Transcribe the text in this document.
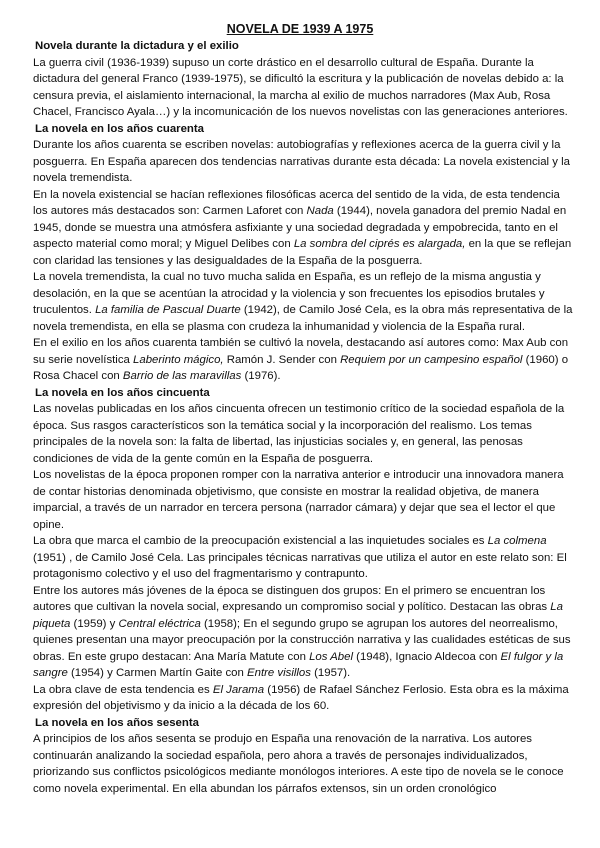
NOVELA DE 1939 A 1975
Novela durante la dictadura y el exilio

La guerra civil (1936-1939) supuso un corte drástico en el desarrollo cultural de España. Durante la dictadura del general Franco (1939-1975), se dificultó la escritura y la publicación de novelas debido a: la censura previa, el aislamiento internacional, la marcha al exilio de muchos narradores (Max Aub, Rosa Chacel, Francisco Ayala…) y la incomunicación de los nuevos novelistas con las generaciones anteriores.

La novela en los años cuarenta

Durante los años cuarenta se escriben novelas: autobiografías y reflexiones acerca de la guerra civil y la posguerra. En España aparecen dos tendencias narrativas durante esta década: La novela existencial y la novela tremendista.

En la novela existencial se hacían reflexiones filosóficas acerca del sentido de la vida, de esta tendencia los autores más destacados son: Carmen Laforet con Nada (1944), novela ganadora del premio Nadal en 1945, donde se muestra una atmósfera asfixiante y una sociedad degradada y empobrecida, tanto en el aspecto material como moral; y Miguel Delibes con La sombra del ciprés es alargada, en la que se reflejan con claridad las tensiones y las desigualdades de la España de la posguerra.

La novela tremendista, la cual no tuvo mucha salida en España, es un reflejo de la misma angustia y desolación, en la que se acentúan la atrocidad y la violencia y son frecuentes los episodios brutales y truculentos. La familia de Pascual Duarte (1942), de Camilo José Cela, es la obra más representativa de la novela tremendista, en ella se plasma con crudeza la inhumanidad y violencia de la España rural.

En el exilio en los años cuarenta también se cultivó la novela, destacando así autores como: Max Aub con su serie novelística Laberinto mágico, Ramón J. Sender con Requiem por un campesino español (1960) o Rosa Chacel con Barrio de las maravillas (1976).

La novela en los años cincuenta

Las novelas publicadas en los años cincuenta ofrecen un testimonio crítico de la sociedad española de la época. Sus rasgos característicos son la temática social y la incorporación del realismo. Los temas principales de la novela son: la falta de libertad, las injusticias sociales y, en general, las penosas condiciones de vida de la gente común en la España de posguerra.

Los novelistas de la época proponen romper con la narrativa anterior e introducir una innovadora manera de contar historias denominada objetivismo, que consiste en mostrar la realidad objetiva, de manera imparcial, a través de un narrador en tercera persona (narrador cámara) y dejar que sea el lector el que opine.

La obra que marca el cambio de la preocupación existencial a las inquietudes sociales es La colmena (1951) , de Camilo José Cela. Las principales técnicas narrativas que utiliza el autor en este relato son: El protagonismo colectivo y el uso del fragmentarismo y contrapunto.

Entre los autores más jóvenes de la época se distinguen dos grupos: En el primero se encuentran los autores que cultivan la novela social, expresando un compromiso social y político. Destacan las obras La piqueta (1959) y Central eléctrica (1958); En el segundo grupo se agrupan los autores del neorrealismo, quienes presentan una mayor preocupación por la construcción narrativa y las cualidades estéticas de sus obras. En este grupo destacan: Ana María Matute con Los Abel (1948), Ignacio Aldecoa con El fulgor y la sangre (1954) y Carmen Martín Gaite con Entre visillos (1957).

La obra clave de esta tendencia es El Jarama (1956) de Rafael Sánchez Ferlosio. Esta obra es la máxima expresión del objetivismo y da inicio a la década de los 60.

La novela en los años sesenta

A principios de los años sesenta se produjo en España una renovación de la narrativa. Los autores continuarán analizando la sociedad española, pero ahora a través de personajes individualizados, priorizando sus conflictos psicológicos mediante monólogos interiores. A este tipo de novela se le conoce como novela experimental. En ella abundan los párrafos extensos, sin un orden cronológico
